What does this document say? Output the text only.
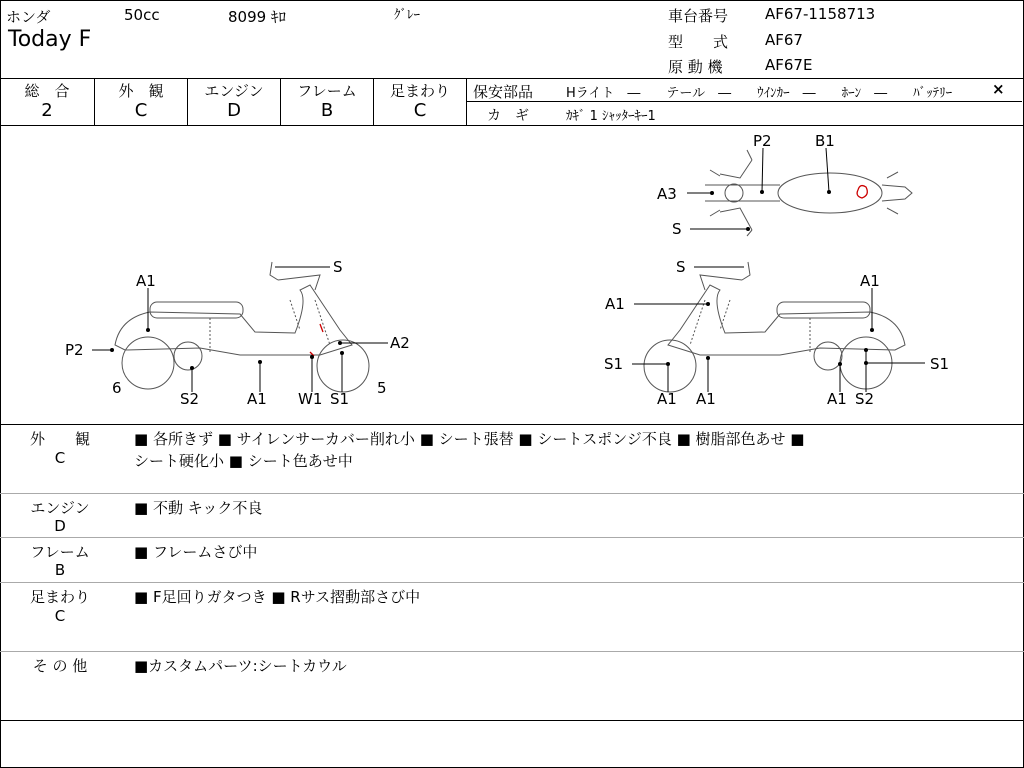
ホンダ	50cc	8099 ｷﾛ	ｸﾞﾚｰ
Today F
車台番号 AF67-1158713
型　　式 AF67
原 動 機	AF67E
総　合
2
外　観
C
エンジン
D
フレーム
B
足まわり
C
保安部品	Hライト　―　　テール　―　　ｳｲﾝｶｰ　―　　ﾎｰﾝ　―　　ﾊﾞｯﾃﾘｰ	×
カ　ギ	ｶｷﾞ 1 ｼｬｯﾀｰｷｰ1
P2	B1
A3
S
A1
S
A2
P2
6	5
S2	A1 W1 S1
S
A1
A1
S1	S1
A1 A1	A1 S2
外　　観
C
■ 各所きず ■ サイレンサーカバー削れ小 ■ シート張替 ■ シートスポンジ不良 ■ 樹脂部色あせ ■
シート硬化小 ■ シート色あせ中
エンジン
D
■ 不動 キック不良
フレーム
B
■ フレームさび中
足まわり
C
■ F足回りガタつき ■ Rサス摺動部さび中
そ の 他	■カスタムパーツ:シートカウル
